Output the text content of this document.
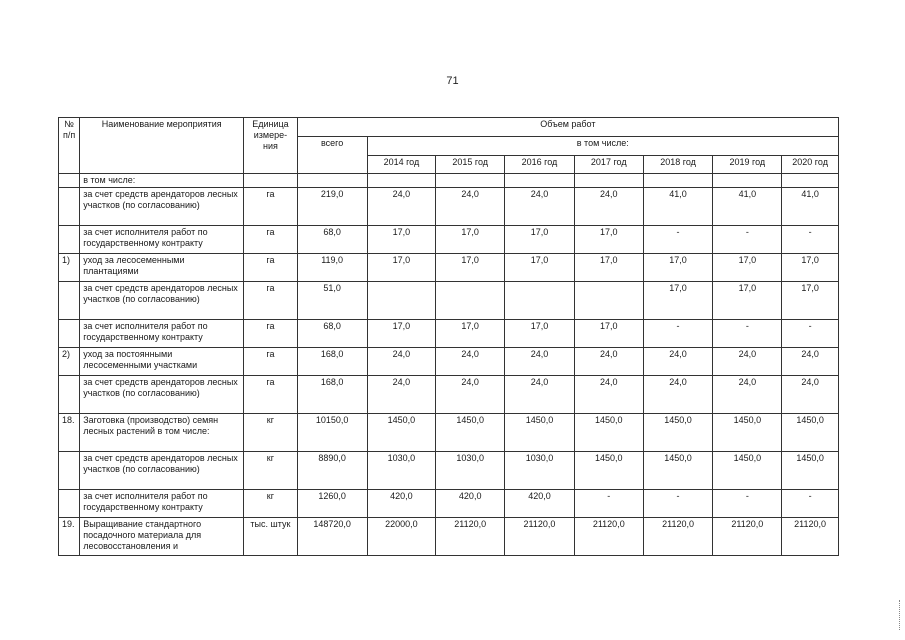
71
№ п/п	Наименование мероприятия	Единица измере-ния	Объем работ							
			всего	в том числе:						
				2014 год	2015 год	2016 год	2017 год	2018 год	2019 год	2020 год
	в том числе:									
	за счет средств арендаторов лесных участков (по согласованию)	га	219,0	24,0	24,0	24,0	24,0	41,0	41,0	41,0
	за счет исполнителя работ по государственному контракту	га	68,0	17,0	17,0	17,0	17,0	-	-	-
1)	уход за лесосеменными плантациями	га	119,0	17,0	17,0	17,0	17,0	17,0	17,0	17,0
	за счет средств арендаторов лесных участков (по согласованию)	га	51,0					17,0	17,0	17,0
	за счет исполнителя работ по государственному контракту	га	68,0	17,0	17,0	17,0	17,0	-	-	-
2)	уход за постоянными лесосеменными участками	га	168,0	24,0	24,0	24,0	24,0	24,0	24,0	24,0
	за счет средств арендаторов лесных участков (по согласованию)	га	168,0	24,0	24,0	24,0	24,0	24,0	24,0	24,0
18.	Заготовка (производство) семян лесных растений в том числе:	кг	10150,0	1450,0	1450,0	1450,0	1450,0	1450,0	1450,0	1450,0
	за счет средств арендаторов лесных участков (по согласованию)	кг	8890,0	1030,0	1030,0	1030,0	1450,0	1450,0	1450,0	1450,0
	за счет исполнителя работ по государственному контракту	кг	1260,0	420,0	420,0	420,0	-	-	-	-
19.	Выращивание стандартного посадочного материала для лесовосстановления и	тыс. штук	148720,0	22000,0	21120,0	21120,0	21120,0	21120,0	21120,0	21120,0
